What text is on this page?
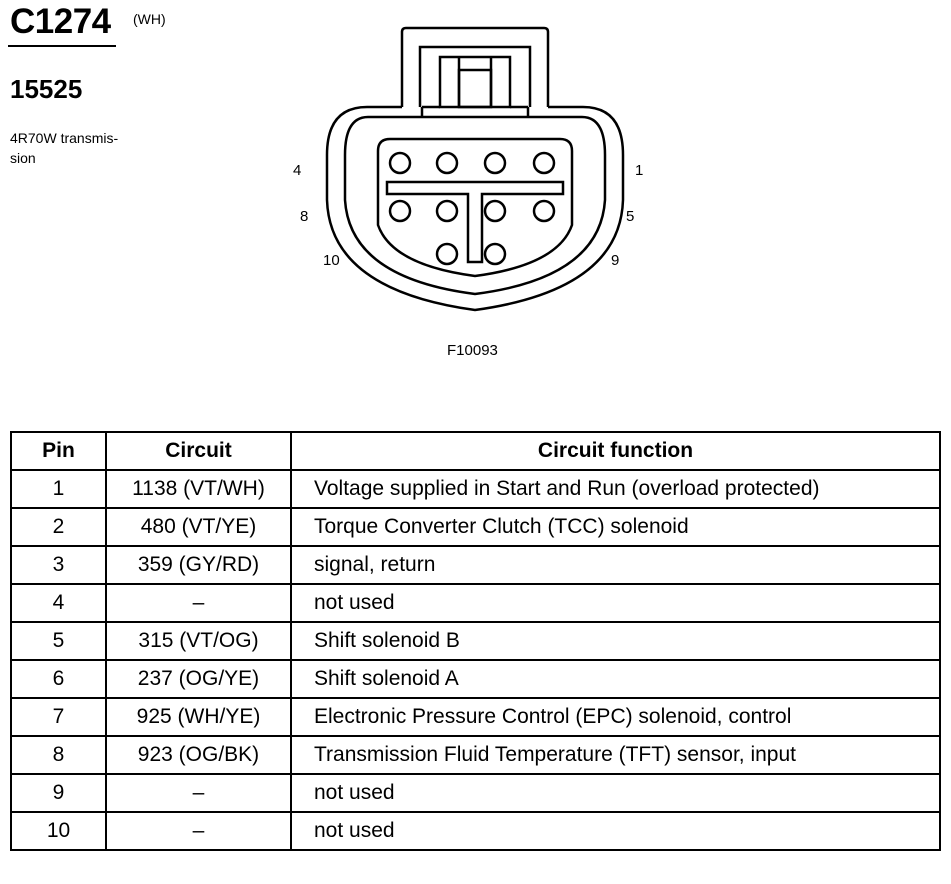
C1274 (WH)
15525
4R70W transmis-
sion
4	1
8	5
10	9
F10093
Pin	Circuit	Circuit function
1	1138 (VT/WH)	Voltage supplied in Start and Run (overload protected)
2	480 (VT/YE)	Torque Converter Clutch (TCC) solenoid
3	359 (GY/RD)	signal, return
4	–	not used
5	315 (VT/OG)	Shift solenoid B
6	237 (OG/YE)	Shift solenoid A
7	925 (WH/YE)	Electronic Pressure Control (EPC) solenoid, control
8	923 (OG/BK)	Transmission Fluid Temperature (TFT) sensor, input
9	–	not used
10	–	not used
